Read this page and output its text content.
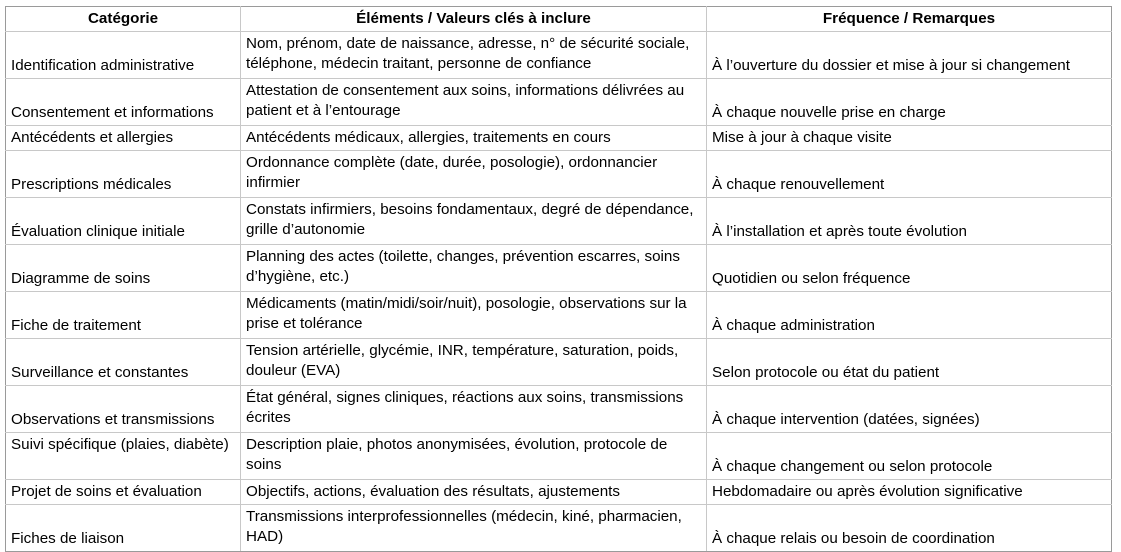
Catégorie	Éléments / Valeurs clés à inclure	Fréquence / Remarques
Identification administrative	Nom, prénom, date de naissance, adresse, n° de sécurité sociale, téléphone, médecin traitant, personne de confiance	À l’ouverture du dossier et mise à jour si changement
Consentement et informations	Attestation de consentement aux soins, informations délivrées au patient et à l’entourage	À chaque nouvelle prise en charge
Antécédents et allergies	Antécédents médicaux, allergies, traitements en cours	Mise à jour à chaque visite
Prescriptions médicales	Ordonnance complète (date, durée, posologie), ordonnancier infirmier	À chaque renouvellement
Évaluation clinique initiale	Constats infirmiers, besoins fondamentaux, degré de dépendance, grille d’autonomie	À l’installation et après toute évolution
Diagramme de soins	Planning des actes (toilette, changes, prévention escarres, soins d’hygiène, etc.)	Quotidien ou selon fréquence
Fiche de traitement	Médicaments (matin/midi/soir/nuit), posologie, observations sur la prise et tolérance	À chaque administration
Surveillance et constantes	Tension artérielle, glycémie, INR, température, saturation, poids, douleur (EVA)	Selon protocole ou état du patient
Observations et transmissions	État général, signes cliniques, réactions aux soins, transmissions écrites	À chaque intervention (datées, signées)
Suivi spécifique (plaies, diabète)	Description plaie, photos anonymisées, évolution, protocole de soins	À chaque changement ou selon protocole
Projet de soins et évaluation	Objectifs, actions, évaluation des résultats, ajustements	Hebdomadaire ou après évolution significative
Fiches de liaison	Transmissions interprofessionnelles (médecin, kiné, pharmacien, HAD)	À chaque relais ou besoin de coordination
